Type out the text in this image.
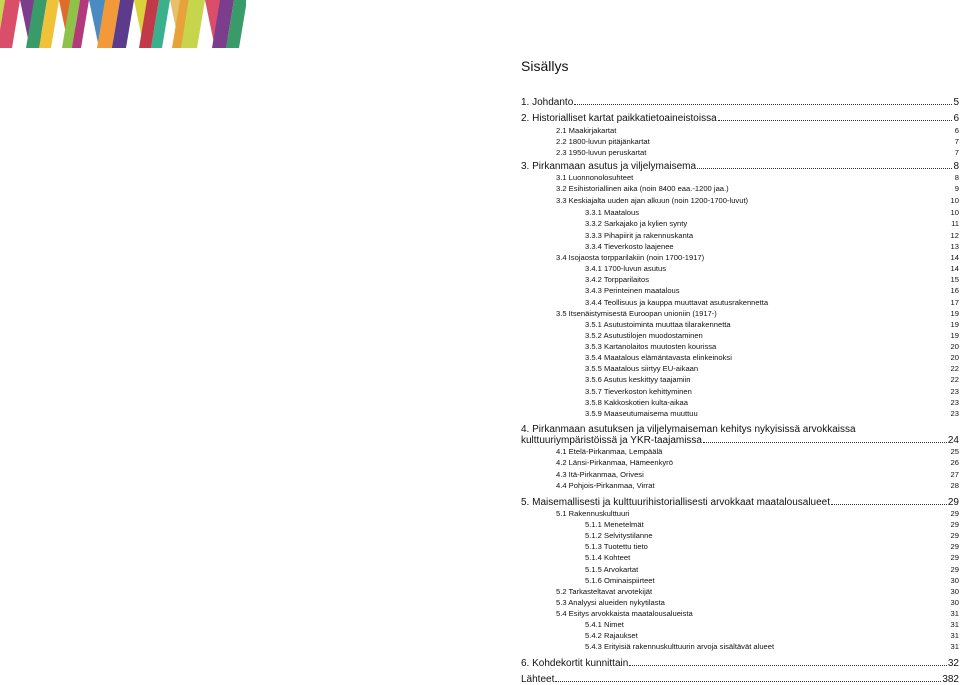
Sisällys
1. Johdanto	5
2. Historialliset kartat paikkatietoaineistoissa	6
2.1 Maakirjakartat	6
2.2 1800-luvun pitäjänkartat	7
2.3 1950-luvun peruskartat	7
3. Pirkanmaan asutus ja viljelymaisema	8
3.1 Luonnonolosuhteet	8
3.2 Esihistoriallinen aika (noin 8400 eaa.-1200 jaa.)	9
3.3 Keskiajalta uuden ajan alkuun (noin 1200-1700-luvut)	10
3.3.1 Maatalous	10
3.3.2 Sarkajako ja kylien synty	11
3.3.3 Pihapiirit ja rakennuskanta	12
3.3.4 Tieverkosto laajenee	13
3.4 Isojaosta torpparilakiin (noin 1700-1917)	14
3.4.1 1700-luvun asutus	14
3.4.2 Torpparilaitos	15
3.4.3 Perinteinen maatalous	16
3.4.4 Teollisuus ja kauppa muuttavat asutusrakennetta	17
3.5 Itsenäistymisestä Euroopan unioniin (1917-)	19
3.5.1 Asutustoiminta muuttaa tilarakennetta	19
3.5.2 Asutustilojen muodostaminen	19
3.5.3 Kartanolaitos muutosten kourissa	20
3.5.4 Maatalous elämäntavasta elinkeinoksi	20
3.5.5 Maatalous siirtyy EU-aikaan	22
3.5.6 Asutus keskittyy taajamiin	22
3.5.7 Tieverkoston kehittyminen	23
3.5.8 Kakkoskotien kulta-aikaa	23
3.5.9 Maaseutumaisema muuttuu	23
4. Pirkanmaan asutuksen ja viljelymaiseman kehitys nykyisissä arvokkaissa
kulttuuriympäristöissä ja YKR-taajamissa	24
4.1 Etelä-Pirkanmaa, Lempäälä	25
4.2 Länsi-Pirkanmaa, Hämeenkyrö	26
4.3 Itä-Pirkanmaa, Orivesi	27
4.4 Pohjois-Pirkanmaa, Virrat	28
5. Maisemallisesti ja kulttuurihistoriallisesti arvokkaat maatalousalueet	29
5.1 Rakennuskulttuuri	29
5.1.1 Menetelmät	29
5.1.2 Selvitystilanne	29
5.1.3 Tuotettu tieto	29
5.1.4 Kohteet	29
5.1.5 Arvokartat	29
5.1.6 Ominaispiirteet	30
5.2 Tarkasteltavat arvotekijät	30
5.3 Analyysi alueiden nykytilasta	30
5.4 Esitys arvokkaista maatalousalueista	31
5.4.1 Nimet	31
5.4.2 Rajaukset	31
5.4.3 Erityisiä rakennuskulttuurin arvoja sisältävät alueet	31
6. Kohdekortit kunnittain	32
Lähteet	382
